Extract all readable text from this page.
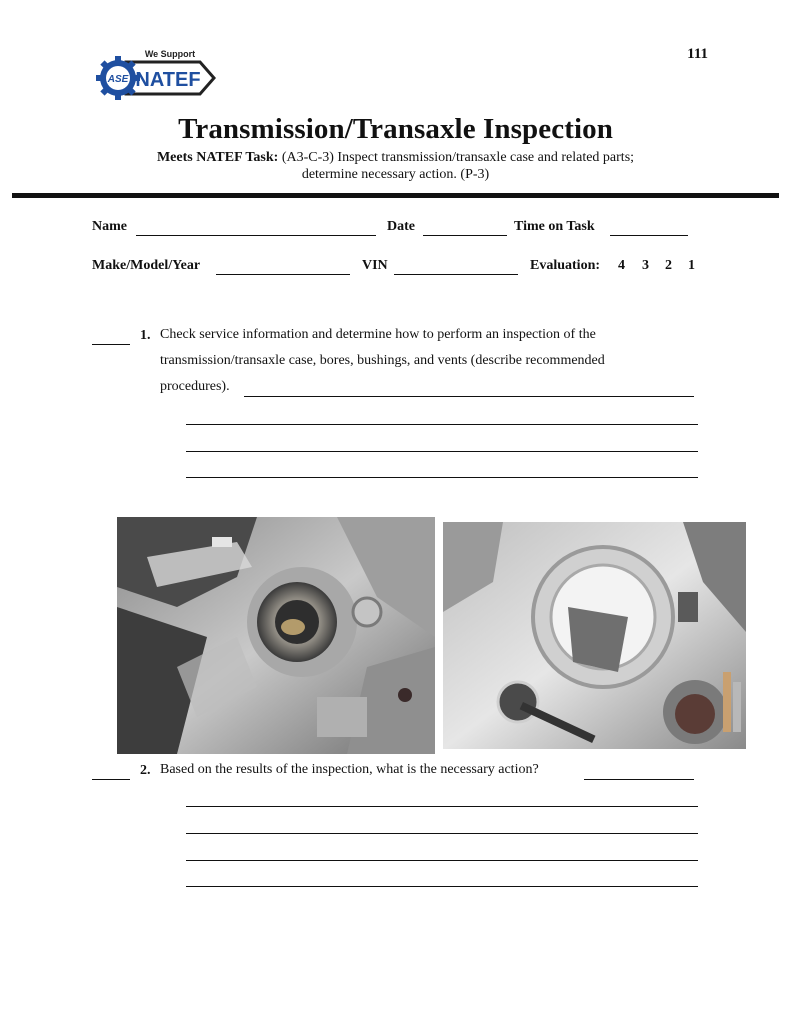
ASE
We Support
NATEF
111
Transmission/Transaxle Inspection
Meets NATEF Task: (A3-C-3) Inspect transmission/transaxle case and related parts;
determine necessary action. (P-3)
Name	Date	Time on Task
Make/Model/Year	VIN	Evaluation: 4 3 2 1
1. Check service information and determine how to perform an inspection of the
transmission/transaxle case, bores, bushings, and vents (describe recommended
procedures).
2. Based on the results of the inspection, what is the necessary action?
